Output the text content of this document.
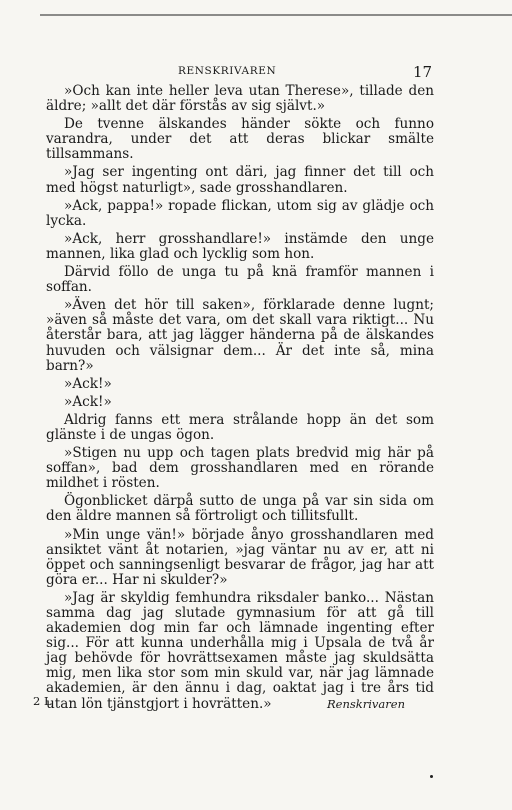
RENSKRIVAREN	17

»Och kan inte heller leva utan Therese», tillade den äldre; »allt det där förstås av sig självt.»

De tvenne älskandes händer sökte och funno varandra, under det att deras blickar smälte tillsammans.

»Jag ser ingenting ont däri, jag finner det till och med högst naturligt», sade grosshandlaren.

»Ack, pappa!» ropade flickan, utom sig av glädje och lycka.

»Ack, herr grosshandlare!» instämde den unge mannen, lika glad och lycklig som hon.

Därvid föllo de unga tu på knä framför mannen i soffan.

»Även det hör till saken», förklarade denne lugnt; »även så måste det vara, om det skall vara riktigt... Nu återstår bara, att jag lägger händerna på de älskandes huvuden och välsignar dem... Är det inte så, mina barn?»

»Ack!»

»Ack!»

Aldrig fanns ett mera strålande hopp än det som glänste i de ungas ögon.

»Stigen nu upp och tagen plats bredvid mig här på soffan», bad dem grosshandlaren med en rörande mildhet i rösten.

Ögonblicket därpå sutto de unga på var sin sida om den äldre mannen så förtroligt och tillitsfullt.

»Min unge vän!» började ånyo grosshandlaren med ansiktet vänt åt notarien, »jag väntar nu av er, att ni öppet och sanningsenligt besvarar de frågor, jag har att göra er... Har ni skulder?»

»Jag är skyldig femhundra riksdaler banko... Nästan samma dag jag slutade gymnasium för att gå till akademien dog min far och lämnade ingenting efter sig... För att kunna underhålla mig i Upsala de två år jag behövde för hovrättsexamen måste jag skuldsätta mig, men lika stor som min skuld var, när jag lämnade akademien, är den ännu i dag, oaktat jag i tre års tid utan lön tjänstgjort i hovrätten.»

2 L	Renskrivaren
